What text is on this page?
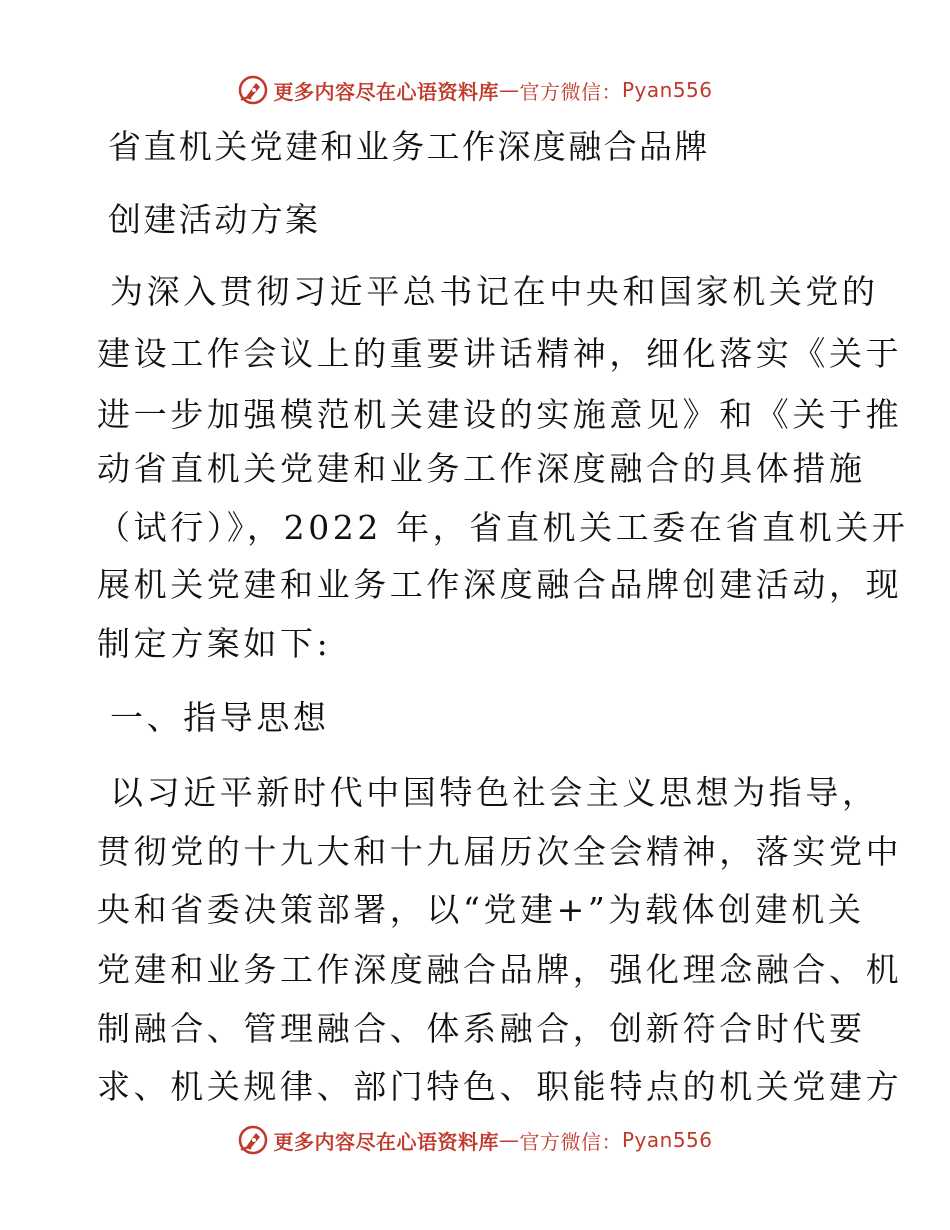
更多内容尽在心语资料库 — 官方微信： Pyan556
省直机关党建和业务工作深度融合品牌
创建活动方案
为深入贯彻习近平总书记在中央和国家机关党的
建设工作会议上的重要讲话精神，细化落实《关于
进一步加强模范机关建设的实施意见》和《关于推
动省直机关党建和业务工作深度融合的具体措施
（试行）》，2022 年，省直机关工委在省直机关开
展机关党建和业务工作深度融合品牌创建活动，现
制定方案如下:
一、指导思想
以习近平新时代中国特色社会主义思想为指导，
贯彻党的十九大和十九届历次全会精神，落实党中
央和省委决策部署，以“党建+”为载体创建机关
党建和业务工作深度融合品牌，强化理念融合、机
制融合、管理融合、体系融合，创新符合时代要
求、机关规律、部门特色、职能特点的机关党建方
更多内容尽在心语资料库 — 官方微信： Pyan556
